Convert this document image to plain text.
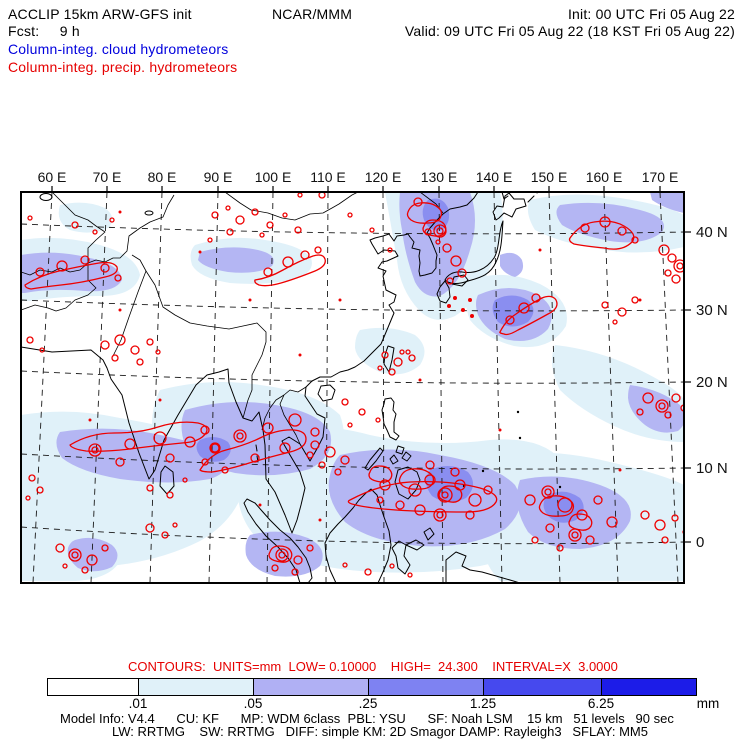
ACCLIP 15km ARW-GFS init	NCAR/MMM	Init: 00 UTC Fri 05 Aug 22
Fcst:     9 h	Valid: 09 UTC Fri 05 Aug 22 (18 KST Fri 05 Aug 22)
Column-integ. cloud hydrometeors
Column-integ. precip. hydrometeors
60 E 70 E 80 E 90 E 100 E 110 E 120 E 130 E 140 E 150 E 160 E 170 E
40 N
30 N
20 N
10 N
0
CONTOURS:  UNITS=mm  LOW= 0.10000    HIGH=  24.300    INTERVAL=X  3.0000
.01	.05	.25	1.25	6.25	mm
Model Info: V4.4      CU: KF      MP: WDM 6class  PBL: YSU      SF: Noah LSM    15 km   51 levels   90 sec
LW: RRTMG    SW: RRTMG   DIFF: simple KM: 2D Smagor DAMP: Rayleigh3   SFLAY: MM5
